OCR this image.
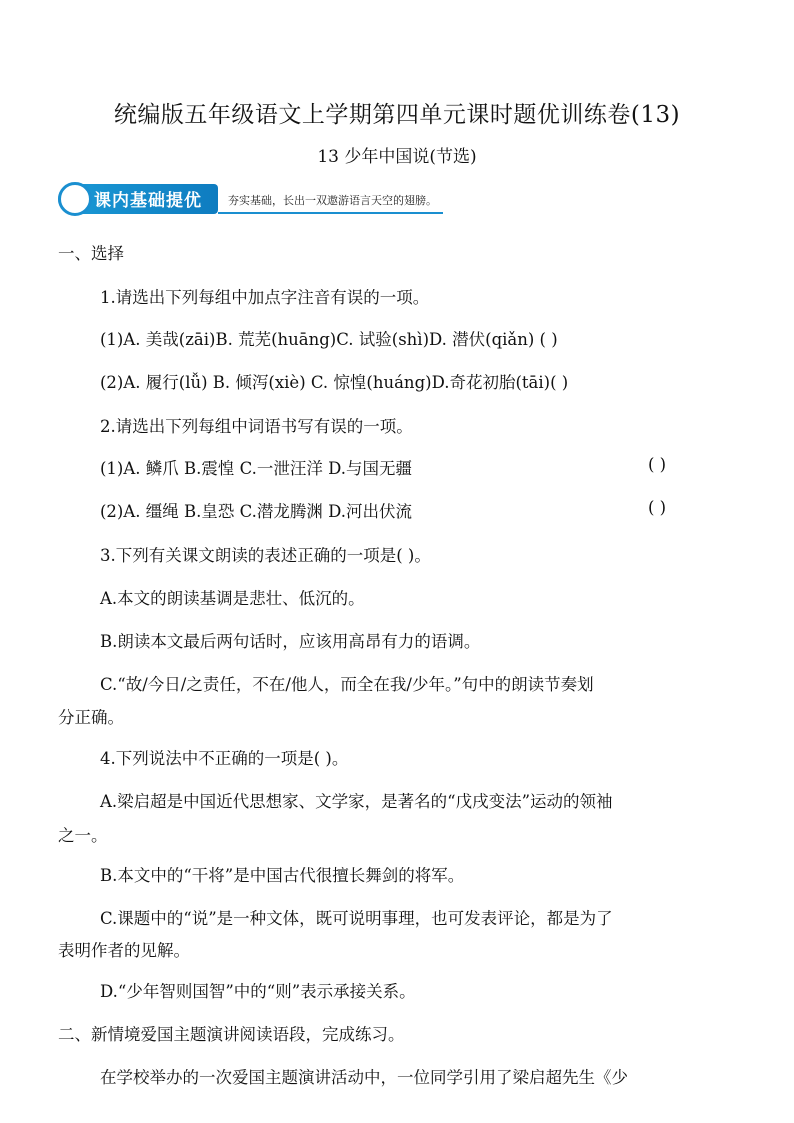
统编版五年级语文上学期第四单元课时题优训练卷(13)
13 少年中国说(节选)
课内基础提优 夯实基础，长出一双遨游语言天空的翅膀。
一、选择
1.请选出下列每组中加点字注音有误的一项。
(1)A. 美哉(zāi)B. 荒芜(huāng)C. 试验(shì)D. 潜伏(qiǎn) ( )
(2)A. 履行(lǚ) B. 倾泻(xiè) C. 惊惶(huáng)D.奇花初胎(tāi)( )
2.请选出下列每组中词语书写有误的一项。
(1)A. 鳞爪 B.震惶 C.一泄汪洋 D.与国无疆	( )
(2)A. 缰绳 B.皇恐 C.潜龙腾渊 D.河出伏流	( )
3.下列有关课文朗读的表述正确的一项是( )。
A.本文的朗读基调是悲壮、低沉的。
B.朗读本文最后两句话时，应该用高昂有力的语调。
C.“故/今日/之责任，不在/他人，而全在我/少年。”句中的朗读节奏划
分正确。
4.下列说法中不正确的一项是( )。
A.梁启超是中国近代思想家、文学家，是著名的“戊戌变法”运动的领袖
之一。
B.本文中的“干将”是中国古代很擅长舞剑的将军。
C.课题中的“说”是一种文体，既可说明事理，也可发表评论，都是为了
表明作者的见解。
D.“少年智则国智”中的“则”表示承接关系。
二、新情境爱国主题演讲阅读语段，完成练习。
在学校举办的一次爱国主题演讲活动中，一位同学引用了梁启超先生《少
